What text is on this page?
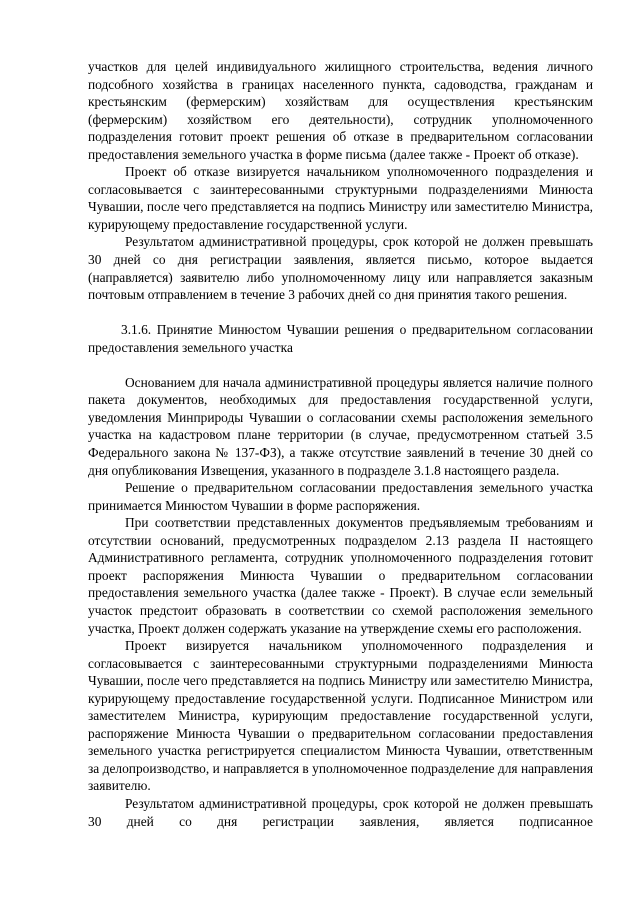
участков для целей индивидуального жилищного строительства, ведения личного подсобного хозяйства в границах населенного пункта, садоводства, гражданам и крестьянским (фермерским) хозяйствам для осуществления крестьянским (фермерским) хозяйством его деятельности), сотрудник уполномоченного подразделения готовит проект решения об отказе в предварительном согласовании предоставления земельного участка в форме письма (далее также - Проект об отказе).

Проект об отказе визируется начальником уполномоченного подразделения и согласовывается с заинтересованными структурными подразделениями Минюста Чувашии, после чего представляется на подпись Министру или заместителю Министра, курирующему предоставление государственной услуги.

Результатом административной процедуры, срок которой не должен превышать 30 дней со дня регистрации заявления, является письмо, которое выдается (направляется) заявителю либо уполномоченному лицу или направляется заказным почтовым отправлением в течение 3 рабочих дней со дня принятия такого решения.

3.1.6. Принятие Минюстом Чувашии решения о предварительном согласовании предоставления земельного участка

Основанием для начала административной процедуры является наличие полного пакета документов, необходимых для предоставления государственной услуги, уведомления Минприроды Чувашии о согласовании схемы расположения земельного участка на кадастровом плане территории (в случае, предусмотренном статьей 3.5 Федерального закона № 137-ФЗ), а также отсутствие заявлений в течение 30 дней со дня опубликования Извещения, указанного в подразделе 3.1.8 настоящего раздела.

Решение о предварительном согласовании предоставления земельного участка принимается Минюстом Чувашии в форме распоряжения.

При соответствии представленных документов предъявляемым требованиям и отсутствии оснований, предусмотренных подразделом 2.13 раздела II настоящего Административного регламента, сотрудник уполномоченного подразделения готовит проект распоряжения Минюста Чувашии о предварительном согласовании предоставления земельного участка (далее также - Проект). В случае если земельный участок предстоит образовать в соответствии со схемой расположения земельного участка, Проект должен содержать указание на утверждение схемы его расположения.

Проект визируется начальником уполномоченного подразделения и согласовывается с заинтересованными структурными подразделениями Минюста Чувашии, после чего представляется на подпись Министру или заместителю Министра, курирующему предоставление государственной услуги. Подписанное Министром или заместителем Министра, курирующим предоставление государственной услуги, распоряжение Минюста Чувашии о предварительном согласовании предоставления земельного участка регистрируется специалистом Минюста Чувашии, ответственным за делопроизводство, и направляется в уполномоченное подразделение для направления заявителю.

Результатом административной процедуры, срок которой не должен превышать 30 дней со дня регистрации заявления, является подписанное
